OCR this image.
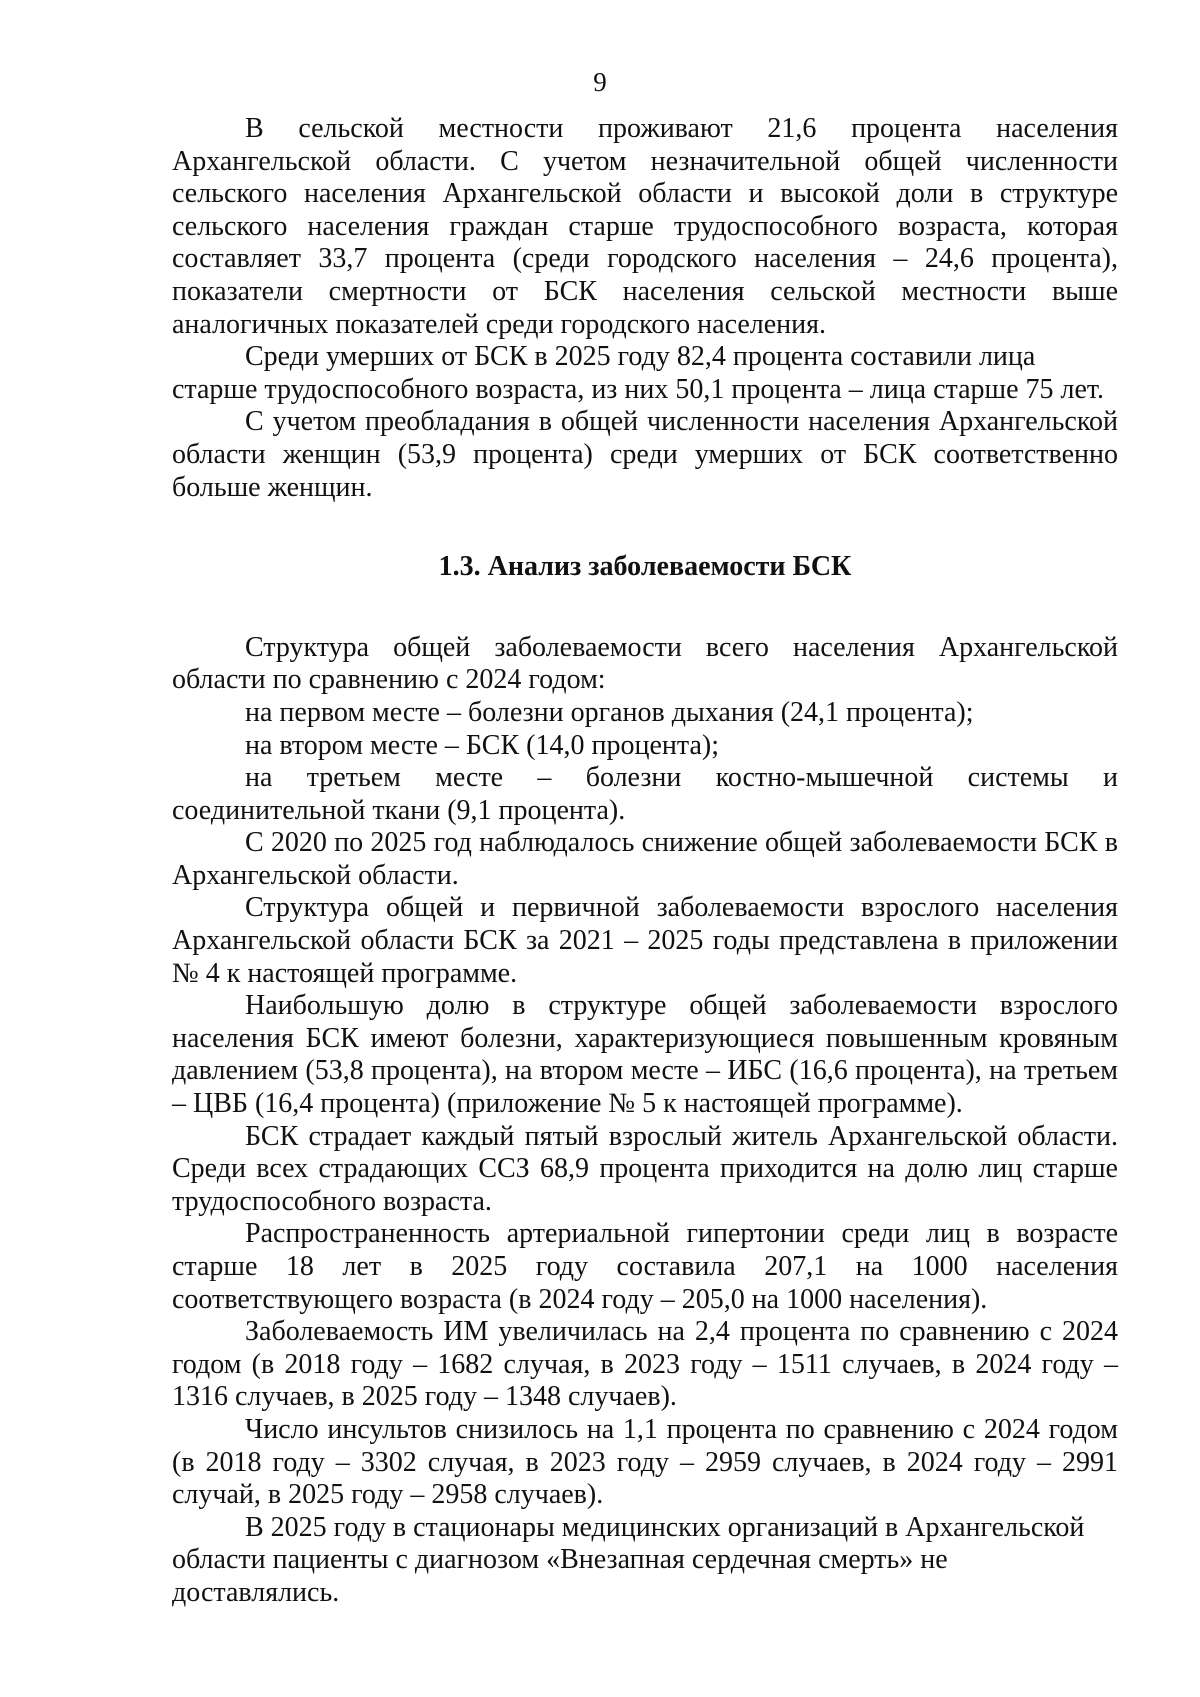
9

В сельской местности проживают 21,6 процента населения Архангельской области. С учетом незначительной общей численности сельского населения Архангельской области и высокой доли в структуре сельского населения граждан старше трудоспособного возраста, которая составляет 33,7 процента (среди городского населения – 24,6 процента), показатели смертности от БСК населения сельской местности выше аналогичных показателей среди городского населения.

Среди умерших от БСК в 2025 году 82,4 процента составили лица старше трудоспособного возраста, из них 50,1 процента – лица старше 75 лет.

С учетом преобладания в общей численности населения Архангельской области женщин (53,9 процента) среди умерших от БСК соответственно больше женщин.

1.3. Анализ заболеваемости БСК

Структура общей заболеваемости всего населения Архангельской области по сравнению с 2024 годом:

на первом месте – болезни органов дыхания (24,1 процента);

на втором месте – БСК (14,0 процента);

на третьем месте – болезни костно-мышечной системы и соединительной ткани (9,1 процента).

С 2020 по 2025 год наблюдалось снижение общей заболеваемости БСК в Архангельской области.

Структура общей и первичной заболеваемости взрослого населения Архангельской области БСК за 2021 – 2025 годы представлена в приложении № 4 к настоящей программе.

Наибольшую долю в структуре общей заболеваемости взрослого населения БСК имеют болезни, характеризующиеся повышенным кровяным давлением (53,8 процента), на втором месте – ИБС (16,6 процента), на третьем – ЦВБ (16,4 процента) (приложение № 5 к настоящей программе).

БСК страдает каждый пятый взрослый житель Архангельской области. Среди всех страдающих ССЗ 68,9 процента приходится на долю лиц старше трудоспособного возраста.

Распространенность артериальной гипертонии среди лиц в возрасте старше 18 лет в 2025 году составила 207,1 на 1000 населения соответствующего возраста (в 2024 году – 205,0 на 1000 населения).

Заболеваемость ИМ увеличилась на 2,4 процента по сравнению с 2024 годом (в 2018 году – 1682 случая, в 2023 году – 1511 случаев, в 2024 году – 1316 случаев, в 2025 году – 1348 случаев).

Число инсультов снизилось на 1,1 процента по сравнению с 2024 годом (в 2018 году – 3302 случая, в 2023 году – 2959 случаев, в 2024 году – 2991 случай, в 2025 году – 2958 случаев).

В 2025 году в стационары медицинских организаций в Архангельской области пациенты с диагнозом «Внезапная сердечная смерть» не доставлялись.
